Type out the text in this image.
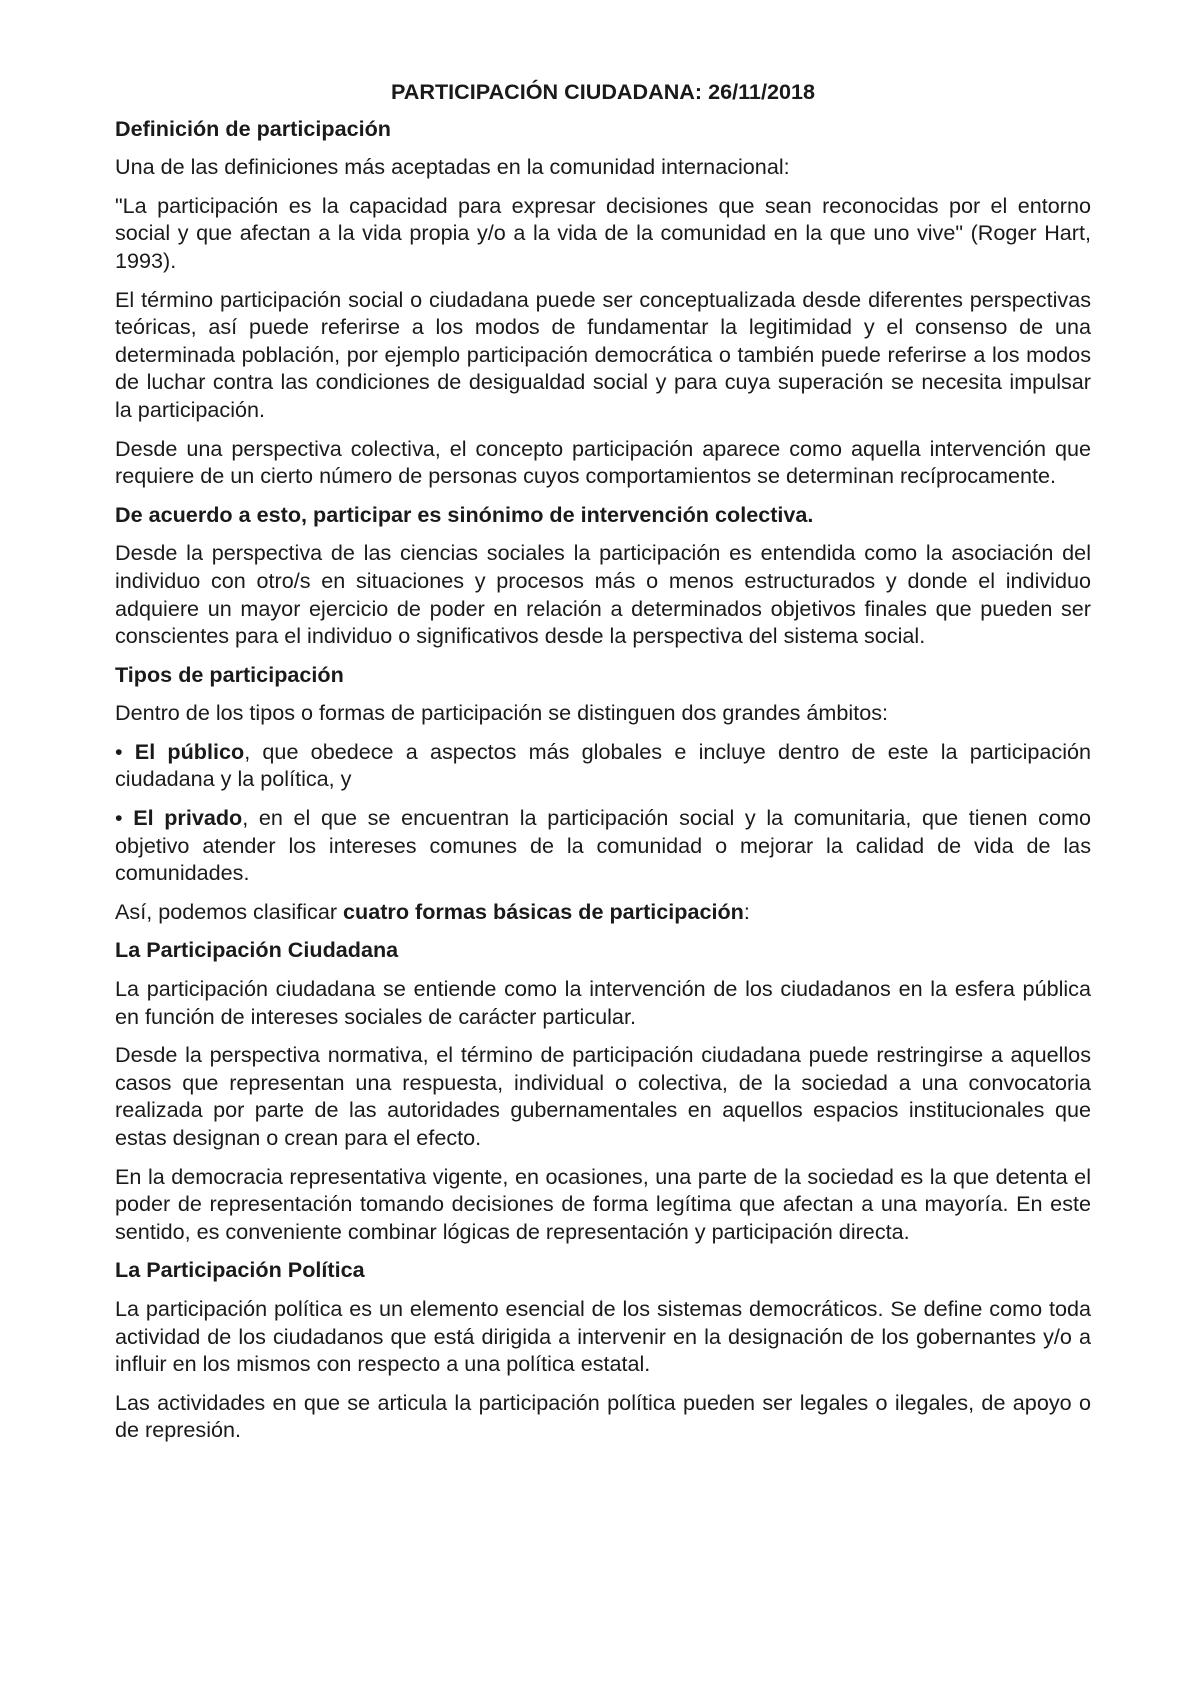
PARTICIPACIÓN CIUDADANA: 26/11/2018
Definición de participación
Una de las definiciones más aceptadas en la comunidad internacional:
"La participación es la capacidad para expresar decisiones que sean reconocidas por el entorno social y que afectan a la vida propia y/o a la vida de la comunidad en la que uno vive" (Roger Hart, 1993).
El término participación social o ciudadana puede ser conceptualizada desde diferentes perspectivas teóricas, así puede referirse a los modos de fundamentar la legitimidad y el consenso de una determinada población, por ejemplo participación democrática o también puede referirse a los modos de luchar contra las condiciones de desigualdad social y para cuya superación se necesita impulsar la participación.
Desde una perspectiva colectiva, el concepto participación aparece como aquella intervención que requiere de un cierto número de personas cuyos comportamientos se determinan recíprocamente.
De acuerdo a esto, participar es sinónimo de intervención colectiva.
Desde la perspectiva de las ciencias sociales la participación es entendida como la asociación del individuo con otro/s en situaciones y procesos más o menos estructurados y donde el individuo adquiere un mayor ejercicio de poder en relación a determinados objetivos finales que pueden ser conscientes para el individuo o significativos desde la perspectiva del sistema social.
Tipos de participación
Dentro de los tipos o formas de participación se distinguen dos grandes ámbitos:
• El público, que obedece a aspectos más globales e incluye dentro de este la participación ciudadana y la política, y
• El privado, en el que se encuentran la participación social y la comunitaria, que tienen como objetivo atender los intereses comunes de la comunidad o mejorar la calidad de vida de las comunidades.
Así, podemos clasificar cuatro formas básicas de participación:
La Participación Ciudadana
La participación ciudadana se entiende como la intervención de los ciudadanos en la esfera pública en función de intereses sociales de carácter particular.
Desde la perspectiva normativa, el término de participación ciudadana puede restringirse a aquellos casos que representan una respuesta, individual o colectiva, de la sociedad a una convocatoria realizada por parte de las autoridades gubernamentales en aquellos espacios institucionales que estas designan o crean para el efecto.
En la democracia representativa vigente, en ocasiones, una parte de la sociedad es la que detenta el poder de representación tomando decisiones de forma legítima que afectan a una mayoría. En este sentido, es conveniente combinar lógicas de representación y participación directa.
La Participación Política
La participación política es un elemento esencial de los sistemas democráticos. Se define como toda actividad de los ciudadanos que está dirigida a intervenir en la designación de los gobernantes y/o a influir en los mismos con respecto a una política estatal.
Las actividades en que se articula la participación política pueden ser legales o ilegales, de apoyo o de represión.
